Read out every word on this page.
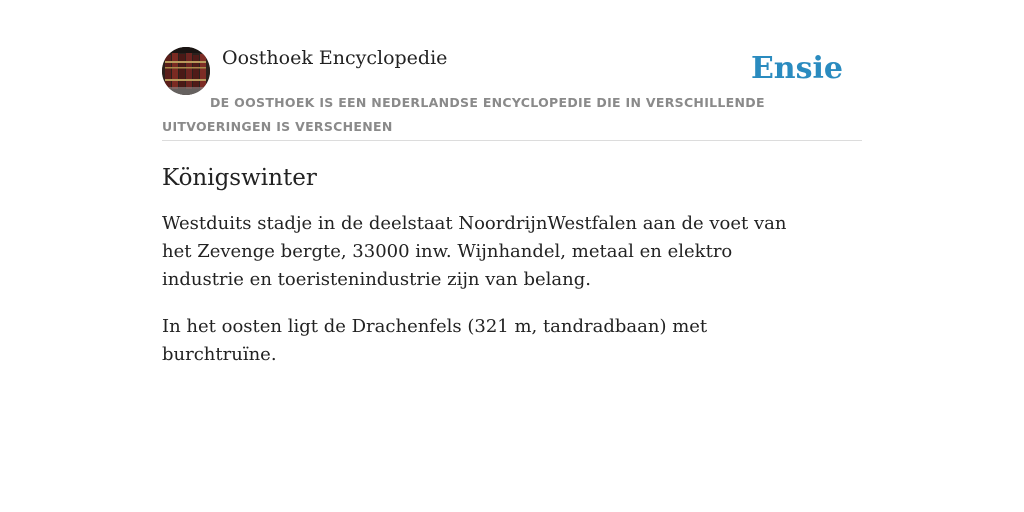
Oosthoek Encyclopedie	Ensie

DE OOSTHOEK IS EEN NEDERLANDSE ENCYCLOPEDIE DIE IN VERSCHILLENDE UITVOERINGEN IS VERSCHENEN

Königswinter

Westduits stadje in de deelstaat NoordrijnWestfalen aan de voet van het Zevenge bergte, 33000 inw. Wijnhandel, metaal en elektro industrie en toeristenindustrie zijn van belang.

In het oosten ligt de Drachenfels (321 m, tandradbaan) met burchtruïne.
